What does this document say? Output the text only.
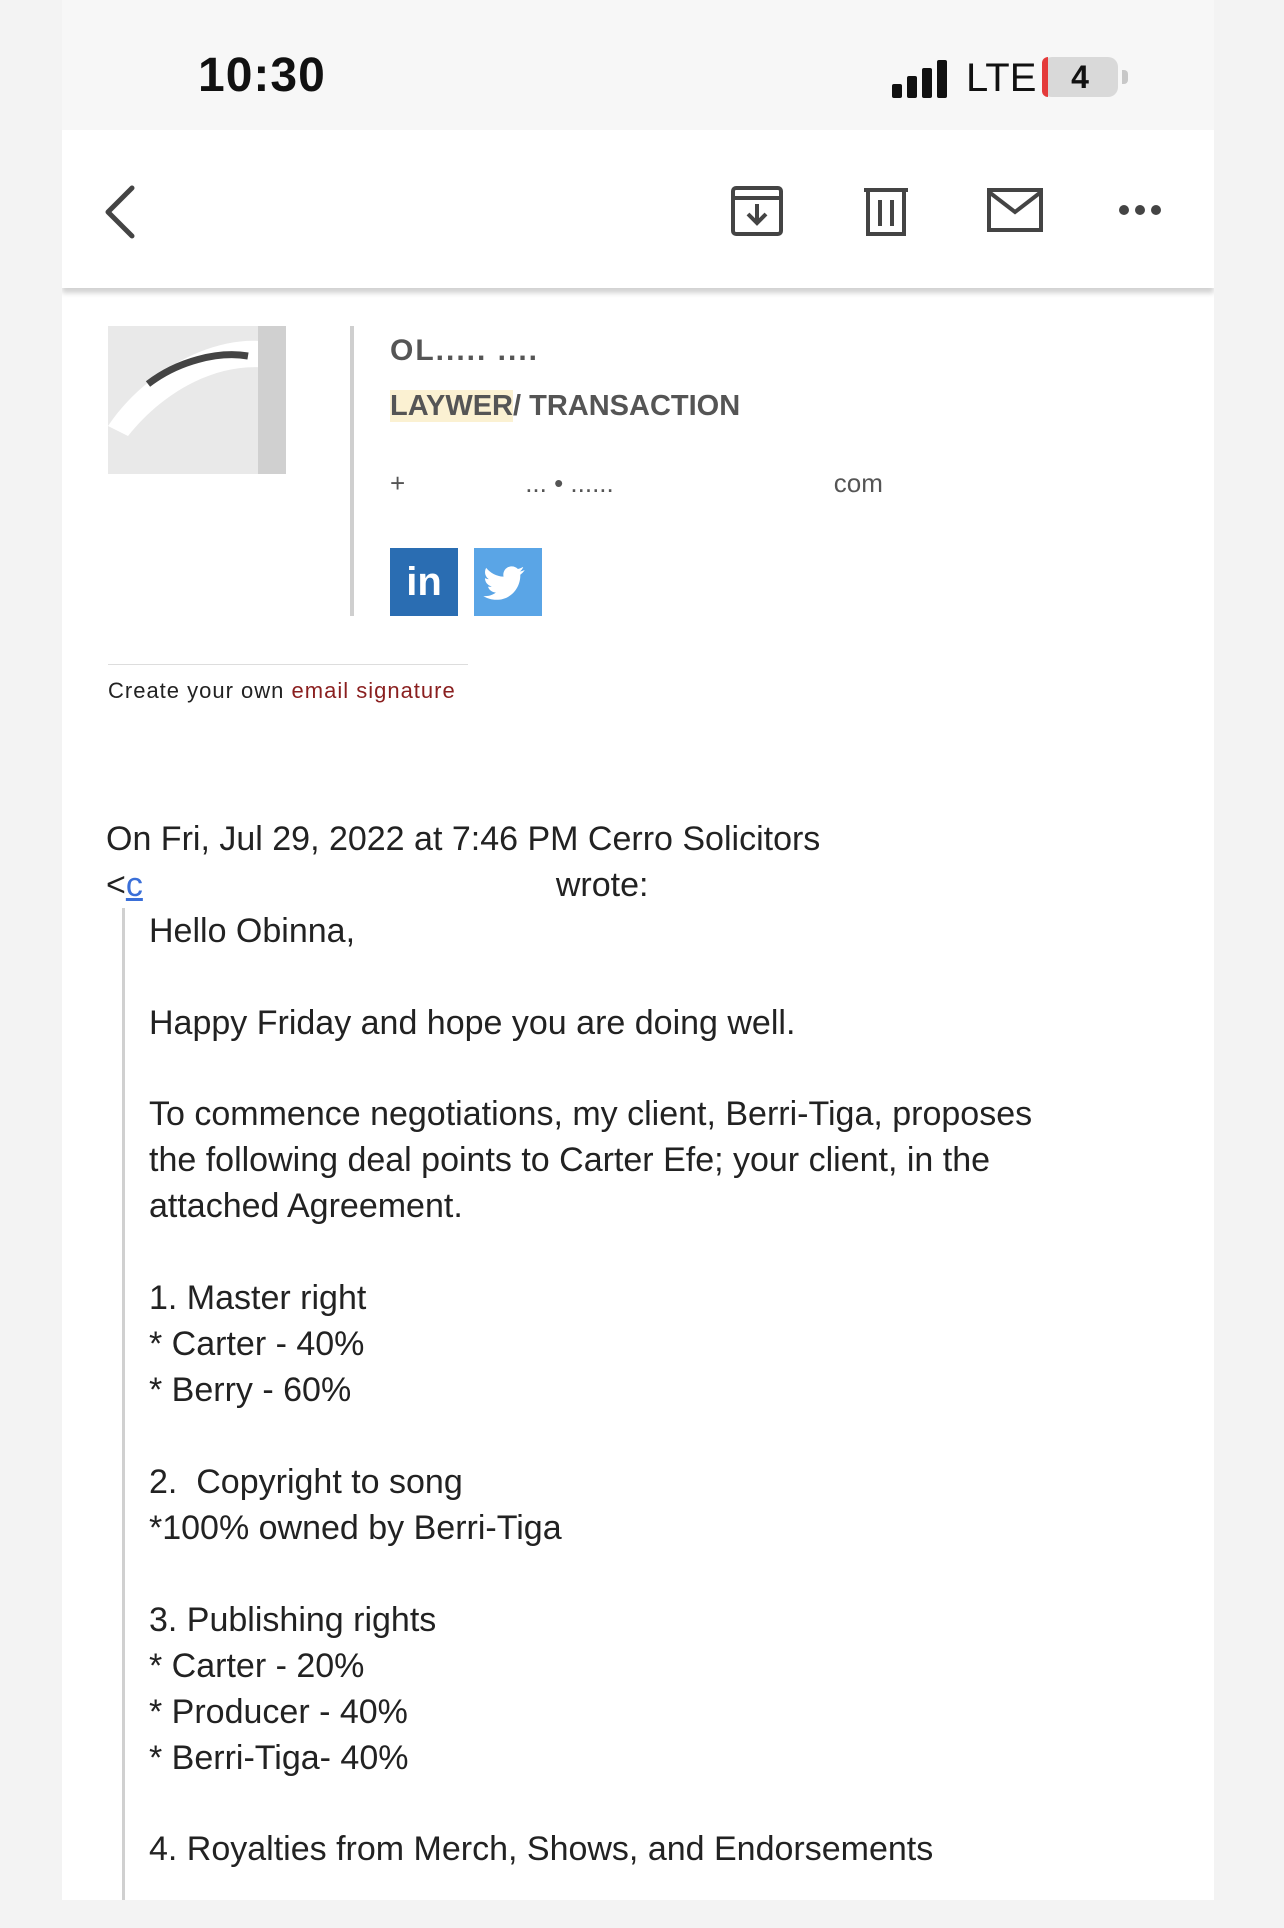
10:30	LTE	4
OL..... ....
LAYWER/ TRANSACTION
+	... • ......	com
in
Create your own email signature
On Fri, Jul 29, 2022 at 7:46 PM Cerro Solicitors
<c	wrote:
Hello Obinna,
Happy Friday and hope you are doing well.
To commence negotiations, my client, Berri-Tiga, proposes
the following deal points to Carter Efe; your client, in the
attached Agreement.
1. Master right
* Carter - 40%
* Berry - 60%
2.  Copyright to song
*100% owned by Berri-Tiga
3. Publishing rights
* Carter - 20%
* Producer - 40%
* Berri-Tiga- 40%
4. Royalties from Merch, Shows, and Endorsements
